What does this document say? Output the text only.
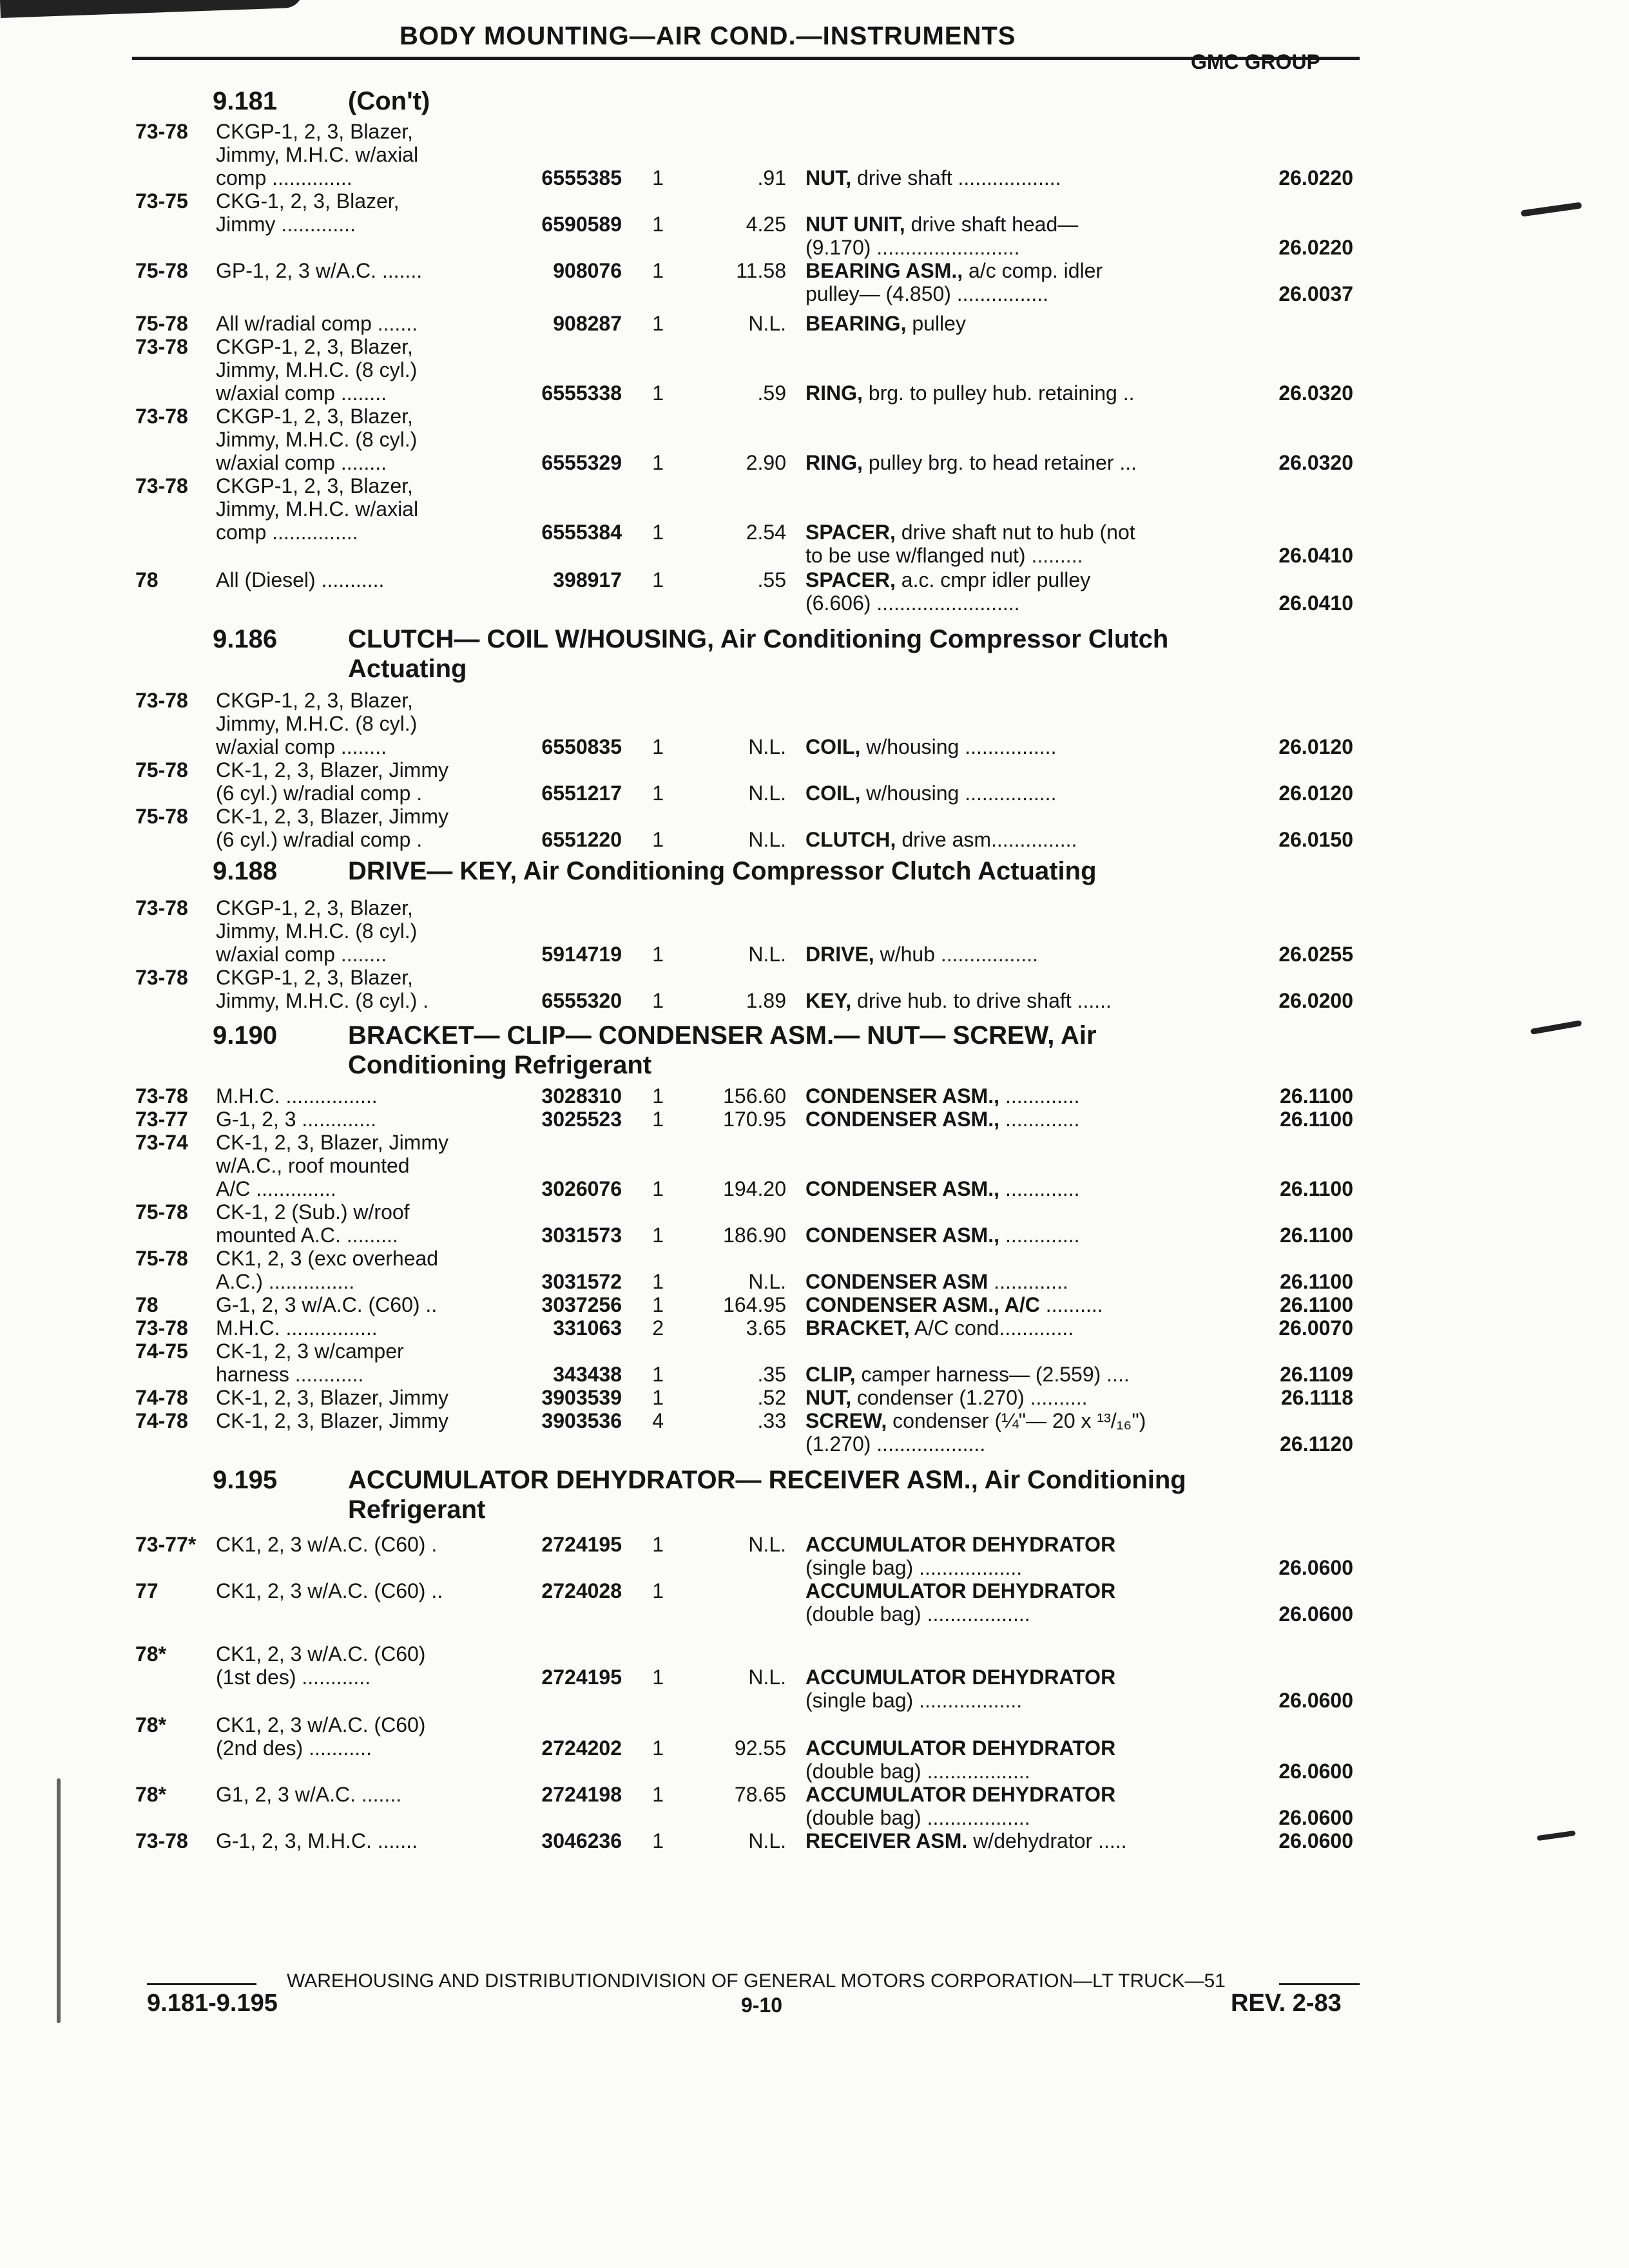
BODY MOUNTING—AIR COND.—INSTRUMENTS
GMC GROUP
9.181	(Con't)
73-78 CKGP-1, 2, 3, Blazer,
Jimmy, M.H.C. w/axial
comp ..............	6555385	1	.91 NUT, drive shaft ..................	26.0220
73-75 CKG-1, 2, 3, Blazer,
Jimmy .............	6590589	1	4.25 NUT UNIT, drive shaft head—
(9.170) .........................	26.0220
75-78 GP-1, 2, 3 w/A.C. .......	908076	1	11.58 BEARING ASM., a/c comp. idler
pulley— (4.850) ................	26.0037
75-78 All w/radial comp .......	908287	1	N.L. BEARING, pulley
73-78 CKGP-1, 2, 3, Blazer,
Jimmy, M.H.C. (8 cyl.)
w/axial comp ........	6555338	1	.59 RING, brg. to pulley hub. retaining ..	26.0320
73-78 CKGP-1, 2, 3, Blazer,
Jimmy, M.H.C. (8 cyl.)
w/axial comp ........	6555329	1	2.90 RING, pulley brg. to head retainer ...	26.0320
73-78 CKGP-1, 2, 3, Blazer,
Jimmy, M.H.C. w/axial
comp ...............	6555384	1	2.54 SPACER, drive shaft nut to hub (not
to be use w/flanged nut) .........	26.0410
78	All (Diesel) ...........	398917	1	.55 SPACER, a.c. cmpr idler pulley
(6.606) .........................	26.0410
9.186	CLUTCH— COIL W/HOUSING, Air Conditioning Compressor Clutch
Actuating
73-78 CKGP-1, 2, 3, Blazer,
Jimmy, M.H.C. (8 cyl.)
w/axial comp ........	6550835	1	N.L. COIL, w/housing ................	26.0120
75-78 CK-1, 2, 3, Blazer, Jimmy
(6 cyl.) w/radial comp .	6551217	1	N.L. COIL, w/housing ................	26.0120
75-78 CK-1, 2, 3, Blazer, Jimmy
(6 cyl.) w/radial comp .	6551220	1	N.L. CLUTCH, drive asm...............	26.0150
9.188	DRIVE— KEY, Air Conditioning Compressor Clutch Actuating
73-78 CKGP-1, 2, 3, Blazer,
Jimmy, M.H.C. (8 cyl.)
w/axial comp ........	5914719	1	N.L. DRIVE, w/hub .................	26.0255
73-78 CKGP-1, 2, 3, Blazer,
Jimmy, M.H.C. (8 cyl.) .	6555320	1	1.89 KEY, drive hub. to drive shaft ......	26.0200
9.190	BRACKET— CLIP— CONDENSER ASM.— NUT— SCREW, Air
Conditioning Refrigerant
73-78 M.H.C. ................	3028310	1	156.60 CONDENSER ASM., .............	26.1100
73-77 G-1, 2, 3 .............	3025523	1	170.95 CONDENSER ASM., .............	26.1100
73-74 CK-1, 2, 3, Blazer, Jimmy
w/A.C., roof mounted
A/C ..............	3026076	1	194.20 CONDENSER ASM., .............	26.1100
75-78 CK-1, 2 (Sub.) w/roof
mounted A.C. .........	3031573	1	186.90 CONDENSER ASM., .............	26.1100
75-78 CK1, 2, 3 (exc overhead
A.C.) ...............	3031572	1	N.L. CONDENSER ASM .............	26.1100
78	G-1, 2, 3 w/A.C. (C60) ..	3037256	1	164.95 CONDENSER ASM., A/C ..........	26.1100
73-78 M.H.C. ................	331063	2	3.65 BRACKET, A/C cond.............	26.0070
74-75 CK-1, 2, 3 w/camper
harness ............	343438	1	.35 CLIP, camper harness— (2.559) ....	26.1109
74-78 CK-1, 2, 3, Blazer, Jimmy	3903539	1	.52 NUT, condenser (1.270) ..........	26.1118
74-78 CK-1, 2, 3, Blazer, Jimmy	3903536	4	.33 SCREW, condenser (¼"— 20 x ¹³/₁₆")
(1.270) ...................	26.1120
9.195	ACCUMULATOR DEHYDRATOR— RECEIVER ASM., Air Conditioning
Refrigerant
73-77* CK1, 2, 3 w/A.C. (C60) .	2724195	1	N.L. ACCUMULATOR DEHYDRATOR
(single bag) ..................	26.0600
77	CK1, 2, 3 w/A.C. (C60) ..	2724028	1	ACCUMULATOR DEHYDRATOR
(double bag) ..................	26.0600
78* CK1, 2, 3 w/A.C. (C60)
(1st des) ............	2724195	1	N.L. ACCUMULATOR DEHYDRATOR
(single bag) ..................	26.0600
78* CK1, 2, 3 w/A.C. (C60)
(2nd des) ...........	2724202	1	92.55 ACCUMULATOR DEHYDRATOR
(double bag) ..................	26.0600
78* G1, 2, 3 w/A.C. .......	2724198	1	78.65 ACCUMULATOR DEHYDRATOR
(double bag) ..................	26.0600
73-78 G-1, 2, 3, M.H.C. .......	3046236	1	N.L. RECEIVER ASM. w/dehydrator .....	26.0600
WAREHOUSING AND DISTRIBUTIONDIVISION OF GENERAL MOTORS CORPORATION—LT TRUCK—51
9.181-9.195	9-10	REV. 2-83
